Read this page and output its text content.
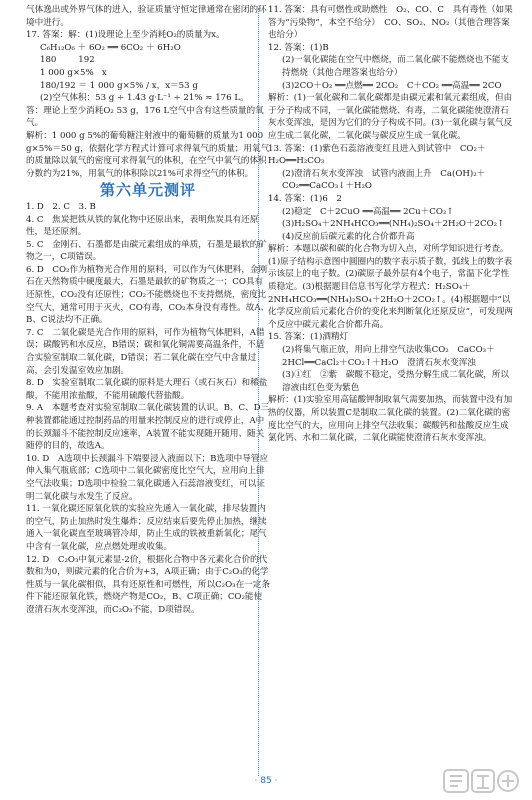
气体逸出或外界气体的进入，验证质量守恒定律通常在密闭的环境中进行。

17. 答案：解：(1)设理论上至少消耗O₂的质量为x。

C₆H₁₂O₆ ＋ 6O₂ ══ 6CO₂ ＋ 6H₂O

180        192

1 000 g×5%   x

180/192 ＝ 1 000 g×5% / x，x＝53 g

(2)空气体积：53 g ÷ 1.43 g·L⁻¹ ÷ 21% ≈ 176 L。

答：理论上至少消耗O₂ 53 g，176 L空气中含有这些质量的氧气。

解析：1 000 g 5%的葡萄糖注射液中的葡萄糖的质量为1 000 g×5%＝50 g，依据化学方程式计算可求得氧气的质量；用氧气的质量除以氧气的密度可求得氧气的体积，在空气中氧气的体积分数约为21%，用氧气的体积除以21%可求得空气的体积。

第六单元测评

1. D　2. C　3. B

4. C　焦炭把铁从铁的氧化物中还原出来，表明焦炭具有还原性，是还原剂。

5. C　金刚石、石墨都是由碳元素组成的单质，石墨是最软的矿物之一，C项错误。

6. D　CO₂作为植物光合作用的原料，可以作为气体肥料，金刚石在天然物质中硬度最大，石墨是最软的矿物质之一；CO具有还原性，CO₂没有还原性；CO₂不能燃烧也不支持燃烧，密度比空气大，通常可用于灭火，CO有毒，CO₂本身没有毒性。故A、B、C说法均不正确。

7. C　二氧化碳是光合作用的原料，可作为植物气体肥料，A错误；碳酸钙和水反应，B错误；碳和氧化铜需要高温条件，不适合实验室制取二氧化碳，D错误；若二氧化碳在空气中含量过高，会引发温室效应加剧。

8. D　实验室制取二氧化碳的原料是大理石（或石灰石）和稀盐酸，不能用浓盐酸，不能用硫酸代替盐酸。

9. A　本题考查对实验室制取二氧化碳装置的认识。B、C、D三种装置都能通过控制药品的用量来控制反应的进行或停止，A中的长颈漏斗不能控制反应速率，A装置不能实现随开随用、随关随停的目的，故选A。

10. D　A选项中长颈漏斗下端要浸入液面以下；B选项中导管应伸入集气瓶底部；C选项中二氧化碳密度比空气大，应用向上排空气法收集；D选项中检验二氧化碳通入石蕊溶液变红，可以证明二氧化碳与水发生了反应。

11. 一氧化碳还原氧化铁的实验应先通入一氧化碳，排尽装置内的空气，防止加热时发生爆炸；反应结束后要先停止加热，继续通入一氧化碳直至玻璃管冷却，防止生成的铁被重新氧化；尾气中含有一氧化碳，应点燃处理或收集。

12. D　C₂O₃中氧元素显-2价，根据化合物中各元素化合价的代数和为0，则碳元素的化合价为+3，A项正确；由于C₂O₃的化学性质与一氧化碳相似，具有还原性和可燃性，所以C₂O₃在一定条件下能还原氧化铁，燃烧产物是CO₂，B、C项正确；CO₂能使澄清石灰水变浑浊，而C₂O₃不能，D项错误。

11. 答案：具有可燃性或助燃性　O₂、CO、C　具有毒性（如果答为“污染物”，本空不给分）　CO、SO₂、NO₂（其他合理答案也给分）

12. 答案：(1)B

(2)一氧化碳能在空气中燃烧，而二氧化碳不能燃烧也不能支持燃烧（其他合理答案也给分）

(3)2CO＋O₂ ══点燃══ 2CO₂　C＋CO₂ ══高温══ 2CO

解析：(1)一氧化碳和二氧化碳都是由碳元素和氧元素组成，但由于分子构成不同，一氧化碳能燃烧、有毒，二氧化碳能使澄清石灰水变浑浊，是因为它们的分子构成不同。(3)一氧化碳与氧气反应生成二氧化碳，二氧化碳与碳反应生成一氧化碳。

13. 答案：(1)紫色石蕊溶液变红且进入到试管中　CO₂＋H₂O══H₂CO₃

(2)澄清石灰水变浑浊　试管内液面上升　Ca(OH)₂＋CO₂══CaCO₃↓＋H₂O

14. 答案：(1)6　2

(2)稳定　C＋2CuO ══高温══ 2Cu＋CO₂↑

(3)H₂SO₄＋2NH₄HCO₃══(NH₄)₂SO₄＋2H₂O＋2CO₂↑

(4)反应前后碳元素的化合价都升高

解析：本题以碳和碳的化合物为切入点，对所学知识进行考查。(1)原子结构示意图中圆圈内的数字表示质子数，弧线上的数字表示该层上的电子数。(2)碳原子最外层有4个电子，常温下化学性质稳定。(3)根据题目信息书写化学方程式：H₂SO₄＋2NH₄HCO₃══(NH₄)₂SO₄＋2H₂O＋2CO₂↑。(4)根据题中“以化学反应前后元素化合价的变化来判断氧化还原反应”，可发现两个反应中碳元素化合价都升高。

15. 答案：(1)酒精灯

(2)将集气瓶正放，用向上排空气法收集CO₂　CaCO₃＋2HCl══CaCl₂＋CO₂↑＋H₂O　澄清石灰水变浑浊

(3)①红　②紫　碳酸不稳定，受热分解生成二氧化碳，所以溶液由红色变为紫色

解析：(1)实验室用高锰酸钾制取氧气需要加热，而装置中没有加热的仪器，所以装置C是制取二氧化碳的装置。(2)二氧化碳的密度比空气的大，应用向上排空气法收集；碳酸钙和盐酸反应生成氯化钙、水和二氧化碳，二氧化碳能使澄清石灰水变浑浊。

· 85 ·
